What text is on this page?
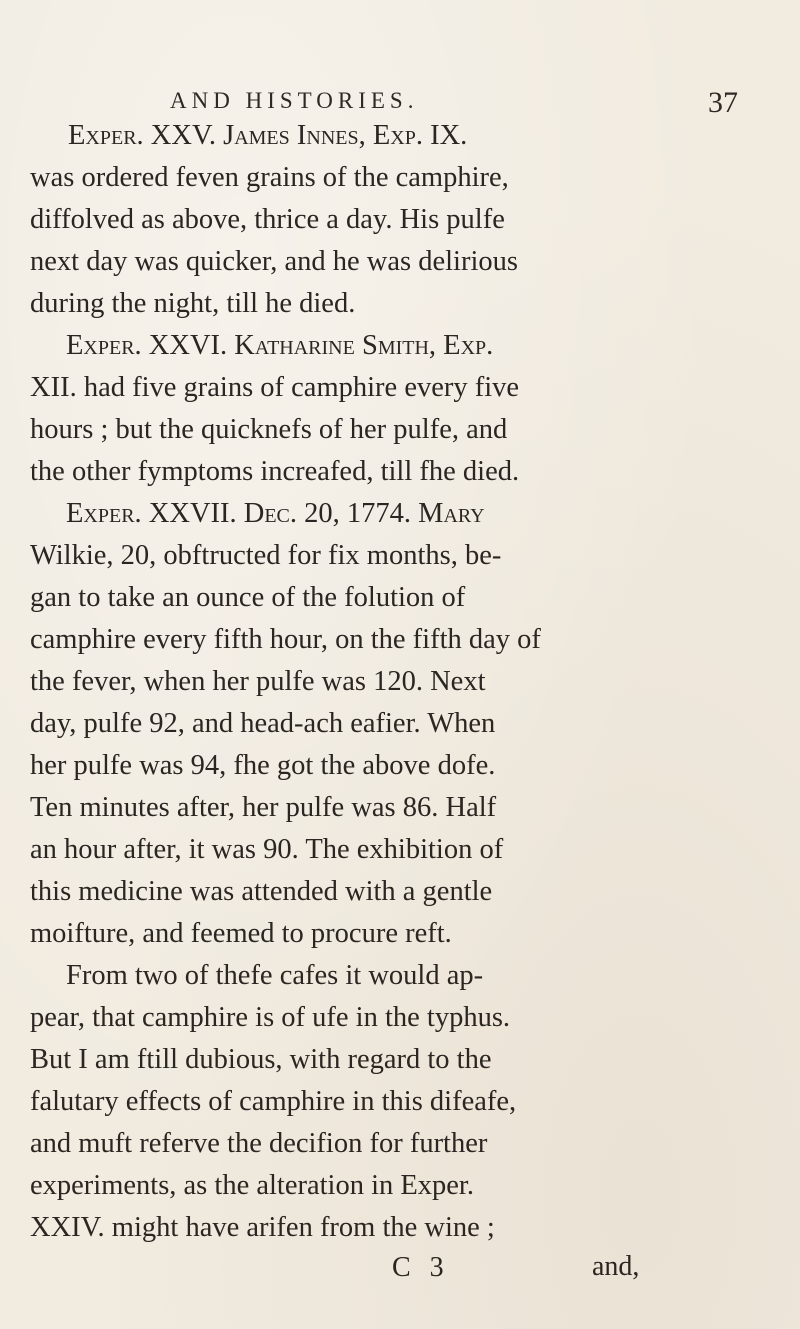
AND HISTORIES.	37
Exper. XXV. James Innes, Exp. IX.
was ordered feven grains of the camphire,
diffolved as above, thrice a day. His pulfe
next day was quicker, and he was delirious
during the night, till he died.
Exper. XXVI. Katharine Smith, Exp.
XII. had five grains of camphire every five
hours ; but the quicknefs of her pulfe, and
the other fymptoms increafed, till fhe died.
Exper. XXVII. Dec. 20, 1774. Mary
Wilkie, 20, obftructed for fix months, be-
gan to take an ounce of the folution of
camphire every fifth hour, on the fifth day of
the fever, when her pulfe was 120. Next
day, pulfe 92, and head-ach eafier. When
her pulfe was 94, fhe got the above dofe.
Ten minutes after, her pulfe was 86. Half
an hour after, it was 90. The exhibition of
this medicine was attended with a gentle
moifture, and feemed to procure reft.
From two of thefe cafes it would ap-
pear, that camphire is of ufe in the typhus.
But I am ftill dubious, with regard to the
falutary effects of camphire in this difeafe,
and muft referve the decifion for further
experiments, as the alteration in Exper.
XXIV. might have arifen from the wine ;
C 3	and,
